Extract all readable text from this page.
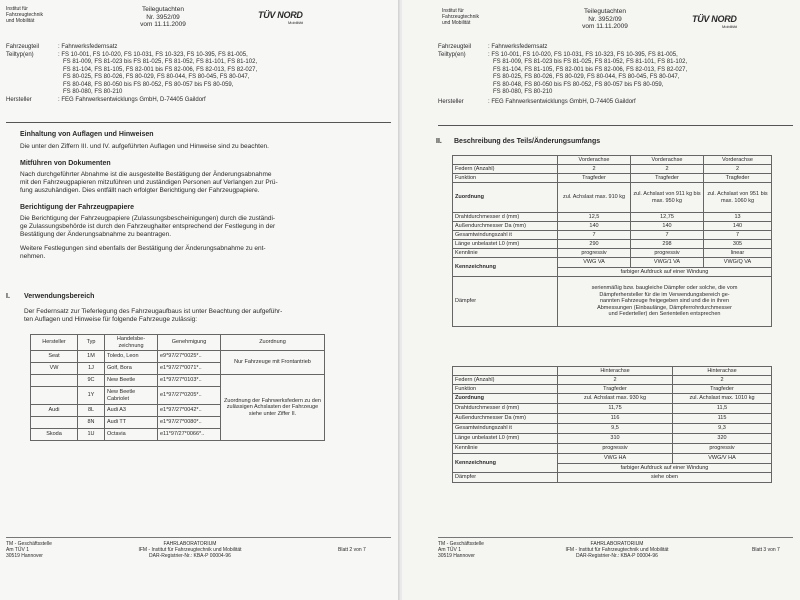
Institut für
Fahrzeugtechnik
und Mobilität
Teilegutachten
Nr. 3952/09
vom 11.11.2009
TÜV NORD
Mobilität
Fahrzeugteil	: Fahrwerksfedernsatz
Teiltyp(en)	: FS 10-001, FS 10-020, FS 10-031, FS 10-323, FS 10-395, FS 81-005,
FS 81-009, FS 81-023 bis FS 81-025, FS 81-052, FS 81-101, FS 81-102,
FS 81-104, FS 81-105, FS 82-001 bis FS 82-006, FS 82-013, FS 82-027,
FS 80-025, FS 80-026, FS 80-029, FS 80-044, FS 80-045, FS 80-047,
FS 80-048, FS 80-050 bis FS 80-052, FS 80-057 bis FS 80-059,
FS 80-080, FS 80-210
Hersteller	: FEG Fahrwerksentwicklungs GmbH, D-74405 Gaildorf
Einhaltung von Auflagen und Hinweisen
Die unter den Ziffern III. und IV. aufgeführten Auflagen und Hinweise sind zu beachten.
Mitführen von Dokumenten
Nach durchgeführter Abnahme ist die ausgestellte Bestätigung der Änderungsabnahme
mit den Fahrzeugpapieren mitzuführen und zuständigen Personen auf Verlangen zur Prü-
fung auszuhändigen. Dies entfällt nach erfolgter Berichtigung der Fahrzeugpapiere.
Berichtigung der Fahrzeugpapiere
Die Berichtigung der Fahrzeugpapiere (Zulassungsbescheinigungen) durch die zuständi-
ge Zulassungsbehörde ist durch den Fahrzeughalter entsprechend der Festlegung in der
Bestätigung der Änderungsabnahme zu beantragen.
Weitere Festlegungen sind ebenfalls der Bestätigung der Änderungsabnahme zu ent-
nehmen.
I. Verwendungsbereich
Der Federnsatz zur Tieferlegung des Fahrzeugaufbaus ist unter Beachtung der aufgeführ-
ten Auflagen und Hinweise für folgende Fahrzeuge zulässig:
Hersteller	Typ	Handelsbe-zeichnung	Genehmigung	Zuordnung
Seat	1M	Toledo, Leon	e9*97/27*0025*..	Nur Fahrzeuge mit Frontantrieb
VW	1J	Golf, Bora	e1*97/27*0071*..	
	9C	New Beetle	e1*97/27*0103*..	Zuordnung der Fahrwerksfedern zu den zulässigen Achslasten der Fahrzeuge siehe unter Ziffer II.
	1Y	New Beetle Cabriolet	e1*97/27*0205*..	
Audi	8L	Audi A3	e1*97/27*0042*..	
	8N	Audi TT	e1*97/27*0080*..	
Skoda	1U	Octavia	e11*97/27*0066*..	
TM - Geschäftsstelle
Am TÜV 1
30519 Hannover
FAHRLABORATORIUM
IFM - Institut für Fahrzeugtechnik und Mobilität
DAR-Registrier-Nr.: KBA-P 00004-96
Blatt 2 von 7
Institut für
Fahrzeugtechnik
und Mobilität
Teilegutachten
Nr. 3952/09
vom 11.11.2009
TÜV NORD
Mobilität
Fahrzeugteil	: Fahrwerksfedernsatz
Teiltyp(en)	: FS 10-001, FS 10-020, FS 10-031, FS 10-323, FS 10-395, FS 81-005,
FS 81-009, FS 81-023 bis FS 81-025, FS 81-052, FS 81-101, FS 81-102,
FS 81-104, FS 81-105, FS 82-001 bis FS 82-006, FS 82-013, FS 82-027,
FS 80-025, FS 80-026, FS 80-029, FS 80-044, FS 80-045, FS 80-047,
FS 80-048, FS 80-050 bis FS 80-052, FS 80-057 bis FS 80-059,
FS 80-080, FS 80-210
Hersteller	: FEG Fahrwerksentwicklungs GmbH, D-74405 Gaildorf
II. Beschreibung des Teils/Änderungsumfangs
	Vorderachse	Vorderachse	Vorderachse
Federn (Anzahl)	2	2	2
Funktion	Tragfeder	Tragfeder	Tragfeder
Zuordnung	zul. Achslast max. 910 kg	zul. Achslast von 911 kg bis max. 950 kg	zul. Achslast von 951 bis max. 1060 kg
Drahtdurchmesser d (mm)	12,5	12,75	13
Außendurchmesser Da (mm)	140	140	140
Gesamtwindungszahl it	7	7	7
Länge unbelastet L0 (mm)	290	298	305
Kennlinie	progressiv	progressiv	linear
Kennzeichnung	VWG VA	VWG/1 VA	VWG/Q VA
	farbiger Aufdruck auf einer Windung		
Dämpfer	serienmäßig bzw. baugleiche Dämpfer oder solche, die vom
Dämpferhersteller für die im Verwendungsbereich ge-
nannten Fahrzeuge freigegeben sind und die in ihren
Abmessungen (Einbaulänge, Dämpferrohrdurchmesser
und Federteller) den Serienteilen entsprechen		
	Hinterachse	Hinterachse
Federn (Anzahl)	2	2
Funktion	Tragfeder	Tragfeder
Zuordnung	zul. Achslast max. 930 kg	zul. Achslast max. 1010 kg
Drahtdurchmesser d (mm)	11,75	11,5
Außendurchmesser Da (mm)	116	115
Gesamtwindungszahl it	9,5	9,3
Länge unbelastet L0 (mm)	310	320
Kennlinie	progressiv	progressiv
Kennzeichnung	VWG HA	VWG/V HA
	farbiger Aufdruck auf einer Windung	
Dämpfer	siehe oben	
TM - Geschäftsstelle
Am TÜV 1
30519 Hannover
FAHRLABORATORIUM
IFM - Institut für Fahrzeugtechnik und Mobilität
DAR-Registrier-Nr.: KBA-P 00004-96
Blatt 3 von 7
